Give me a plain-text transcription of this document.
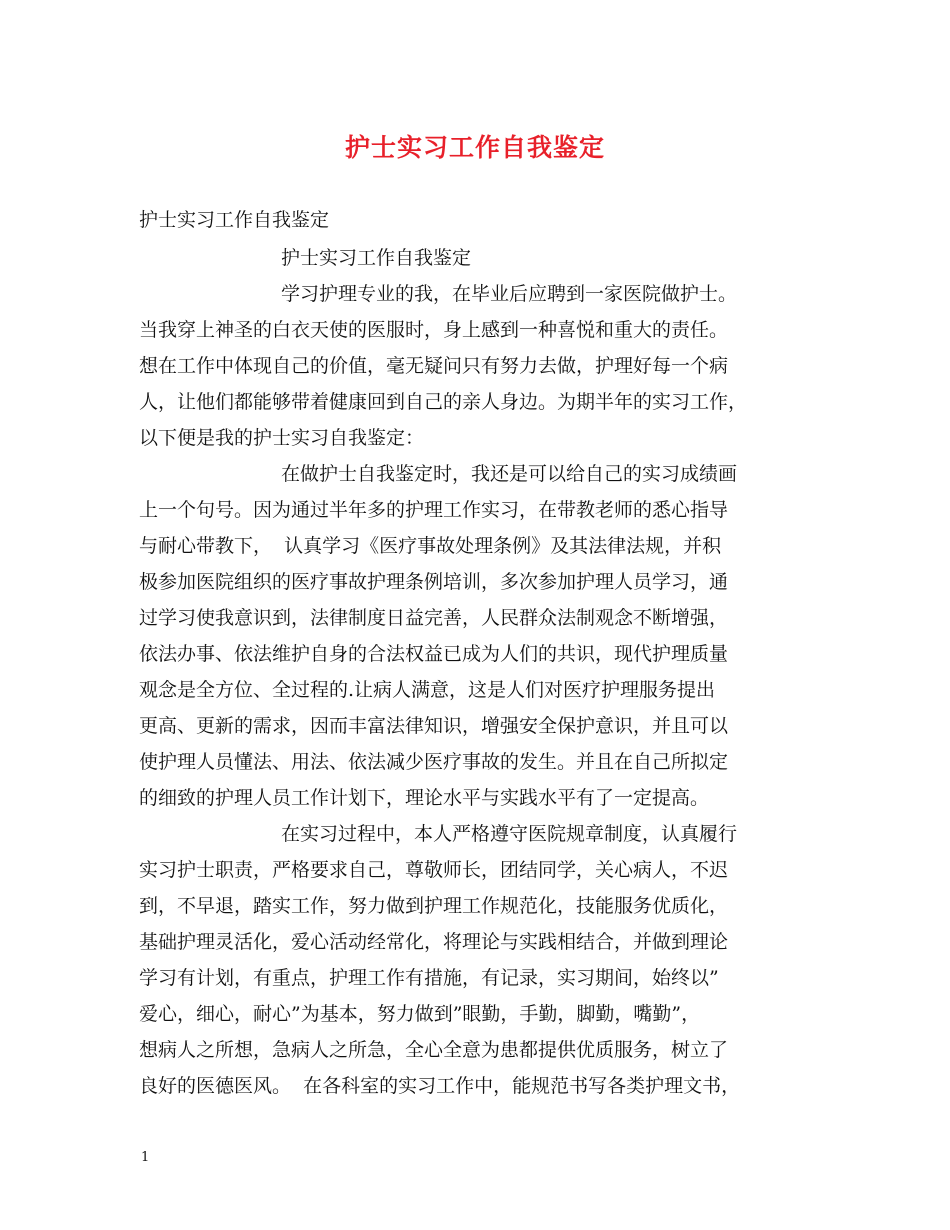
护士实习工作自我鉴定
护士实习工作自我鉴定
护士实习工作自我鉴定
学习护理专业的我，在毕业后应聘到一家医院做护士。
当我穿上神圣的白衣天使的医服时，身上感到一种喜悦和重大的责任。
想在工作中体现自己的价值，毫无疑问只有努力去做，护理好每一个病
人，让他们都能够带着健康回到自己的亲人身边。为期半年的实习工作，
以下便是我的护士实习自我鉴定：
在做护士自我鉴定时，我还是可以给自己的实习成绩画
上一个句号。因为通过半年多的护理工作实习，在带教老师的悉心指导
与耐心带教下，  认真学习《医疗事故处理条例》及其法律法规，并积
极参加医院组织的医疗事故护理条例培训，多次参加护理人员学习，通
过学习使我意识到，法律制度日益完善，人民群众法制观念不断增强，
依法办事、依法维护自身的合法权益已成为人们的共识，现代护理质量
观念是全方位、全过程的.让病人满意，这是人们对医疗护理服务提出
更高、更新的需求，因而丰富法律知识，增强安全保护意识，并且可以
使护理人员懂法、用法、依法减少医疗事故的发生。并且在自己所拟定
的细致的护理人员工作计划下，理论水平与实践水平有了一定提高。
在实习过程中，本人严格遵守医院规章制度，认真履行
实习护士职责，严格要求自己，尊敬师长，团结同学，关心病人，不迟
到，不早退，踏实工作，努力做到护理工作规范化，技能服务优质化，
基础护理灵活化，爱心活动经常化，将理论与实践相结合，并做到理论
学习有计划，有重点，护理工作有措施，有记录，实习期间，始终以”
爱心，细心，耐心”为基本，努力做到”眼勤，手勤，脚勤，嘴勤”，
想病人之所想，急病人之所急，全心全意为患都提供优质服务，树立了
良好的医德医风。  在各科室的实习工作中，能规范书写各类护理文书，
1
